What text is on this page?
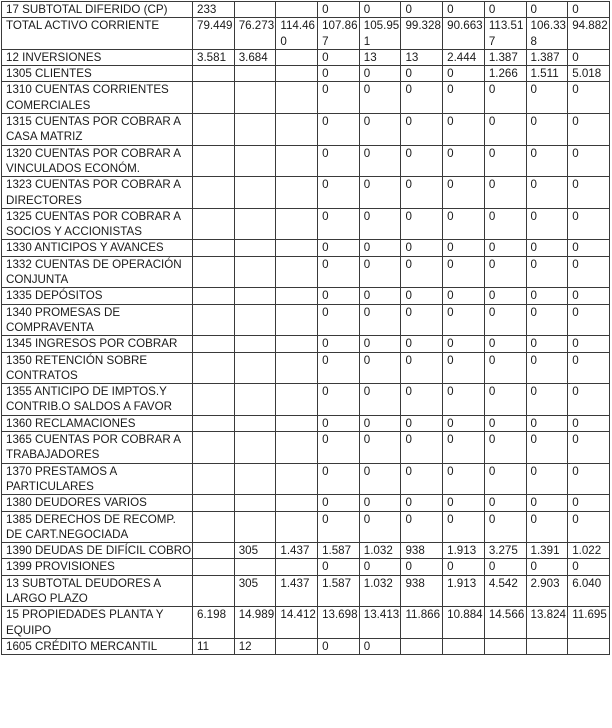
17 SUBTOTAL DIFERIDO (CP)	233			0	0	0	0	0	0	0
TOTAL ACTIVO CORRIENTE	79.449	76.273	114.460	107.867	105.951	99.328	90.663	113.517	106.338	94.882
12 INVERSIONES	3.581	3.684		0	13	13	2.444	1.387	1.387	0
1305 CLIENTES				0	0	0	0	1.266	1.511	5.018
1310 CUENTAS CORRIENTES COMERCIALES				0	0	0	0	0	0	0
1315 CUENTAS POR COBRAR A CASA MATRIZ				0	0	0	0	0	0	0
1320 CUENTAS POR COBRAR A VINCULADOS ECONÓM.				0	0	0	0	0	0	0
1323 CUENTAS POR COBRAR A DIRECTORES				0	0	0	0	0	0	0
1325 CUENTAS POR COBRAR A SOCIOS Y ACCIONISTAS				0	0	0	0	0	0	0
1330 ANTICIPOS Y AVANCES				0	0	0	0	0	0	0
1332 CUENTAS DE OPERACIÓN CONJUNTA				0	0	0	0	0	0	0
1335 DEPÓSITOS				0	0	0	0	0	0	0
1340 PROMESAS DE COMPRAVENTA				0	0	0	0	0	0	0
1345 INGRESOS POR COBRAR				0	0	0	0	0	0	0
1350 RETENCIÓN SOBRE CONTRATOS				0	0	0	0	0	0	0
1355 ANTICIPO DE IMPTOS.Y CONTRIB.O SALDOS A FAVOR				0	0	0	0	0	0	0
1360 RECLAMACIONES				0	0	0	0	0	0	0
1365 CUENTAS POR COBRAR A TRABAJADORES				0	0	0	0	0	0	0
1370 PRESTAMOS A PARTICULARES				0	0	0	0	0	0	0
1380 DEUDORES VARIOS				0	0	0	0	0	0	0
1385 DERECHOS DE RECOMP. DE CART.NEGOCIADA				0	0	0	0	0	0	0
1390 DEUDAS DE DIFÍCIL COBRO		305	1.437	1.587	1.032	938	1.913	3.275	1.391	1.022
1399 PROVISIONES				0	0	0	0	0	0	0
13 SUBTOTAL DEUDORES A LARGO PLAZO		305	1.437	1.587	1.032	938	1.913	4.542	2.903	6.040
15 PROPIEDADES PLANTA Y EQUIPO	6.198	14.989	14.412	13.698	13.413	11.866	10.884	14.566	13.824	11.695
1605 CRÉDITO MERCANTIL	11	12		0	0					
